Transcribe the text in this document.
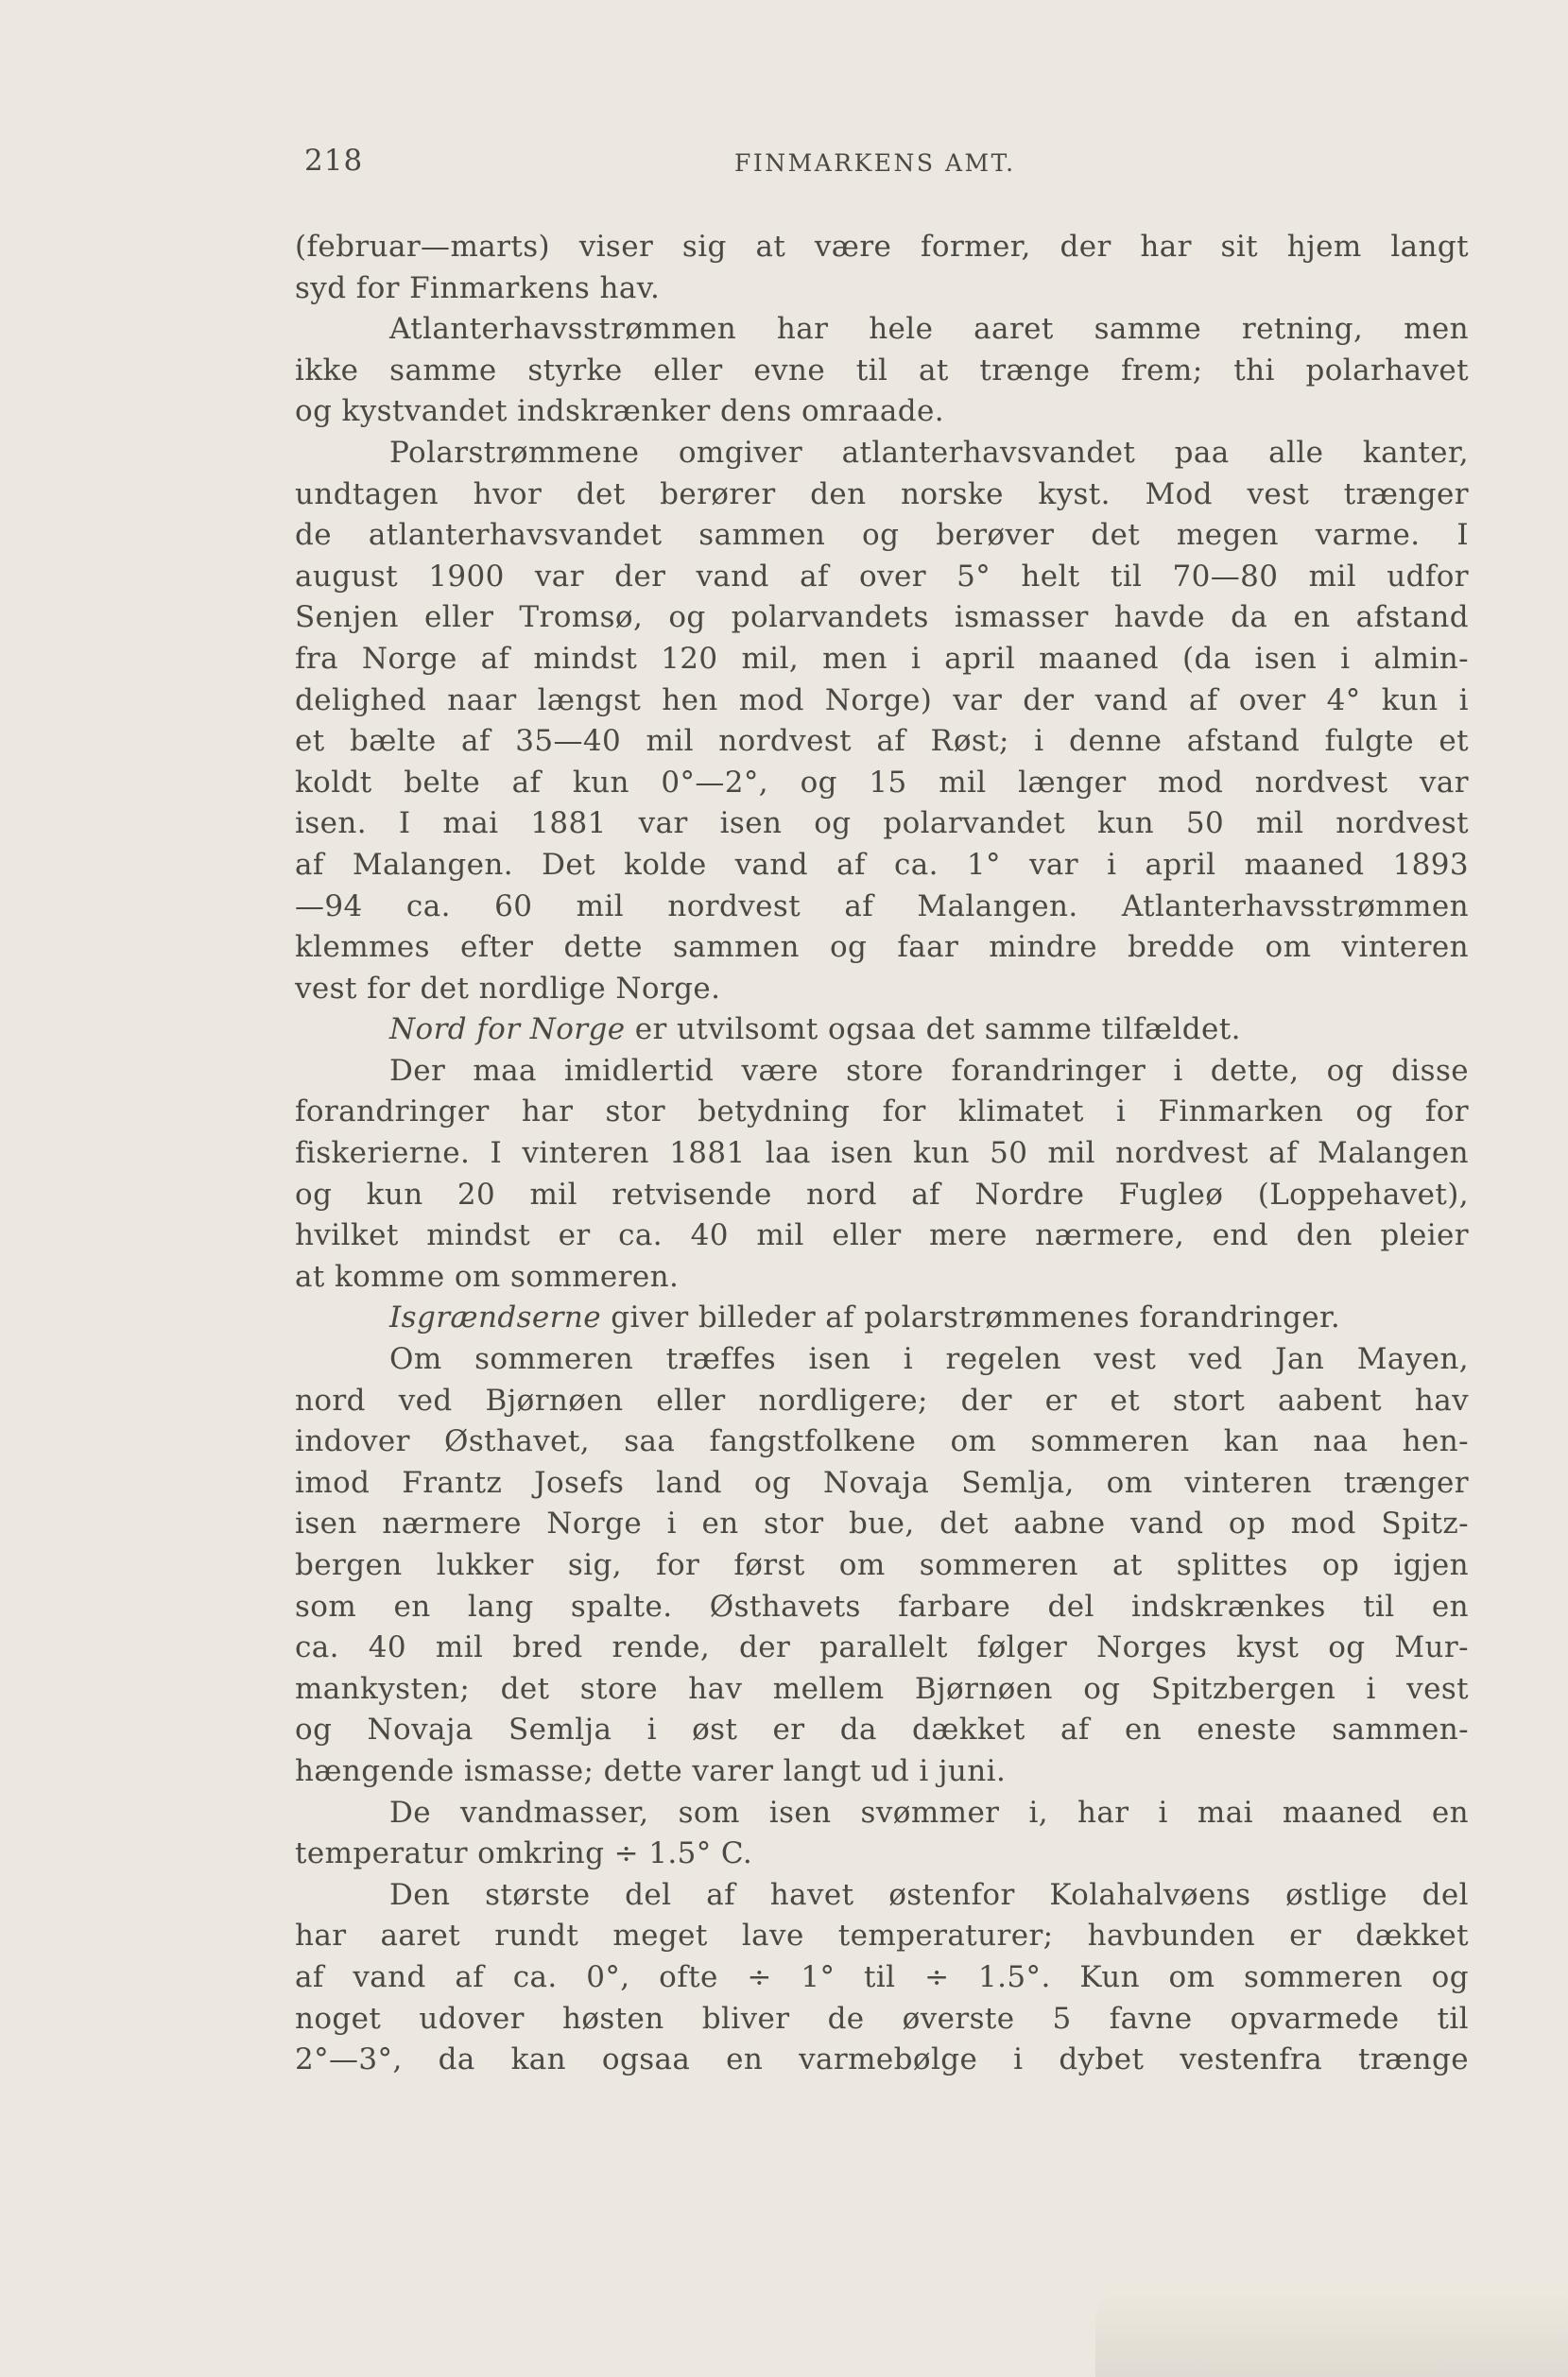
218	FINMARKENS AMT.
(februar—marts) viser sig at være former, der har sit hjem langt
syd for Finmarkens hav.
Atlanterhavsstrømmen har hele aaret samme retning, men
ikke samme styrke eller evne til at trænge frem; thi polarhavet
og kystvandet indskrænker dens omraade.
Polarstrømmene omgiver atlanterhavsvandet paa alle kanter,
undtagen hvor det berører den norske kyst. Mod vest trænger
de atlanterhavsvandet sammen og berøver det megen varme. I
august 1900 var der vand af over 5° helt til 70—80 mil udfor
Senjen eller Tromsø, og polarvandets ismasser havde da en afstand
fra Norge af mindst 120 mil, men i april maaned (da isen i almin-
delighed naar længst hen mod Norge) var der vand af over 4° kun i
et bælte af 35—40 mil nordvest af Røst; i denne afstand fulgte et
koldt belte af kun 0°—2°, og 15 mil længer mod nordvest var
isen. I mai 1881 var isen og polarvandet kun 50 mil nordvest
af Malangen. Det kolde vand af ca. 1° var i april maaned 1893
—94 ca. 60 mil nordvest af Malangen. Atlanterhavsstrømmen
klemmes efter dette sammen og faar mindre bredde om vinteren
vest for det nordlige Norge.
Nord for Norge er utvilsomt ogsaa det samme tilfældet.
Der maa imidlertid være store forandringer i dette, og disse
forandringer har stor betydning for klimatet i Finmarken og for
fiskerierne. I vinteren 1881 laa isen kun 50 mil nordvest af Malangen
og kun 20 mil retvisende nord af Nordre Fugleø (Loppehavet),
hvilket mindst er ca. 40 mil eller mere nærmere, end den pleier
at komme om sommeren.
Isgrændserne giver billeder af polarstrømmenes forandringer.
Om sommeren træffes isen i regelen vest ved Jan Mayen,
nord ved Bjørnøen eller nordligere; der er et stort aabent hav
indover Østhavet, saa fangstfolkene om sommeren kan naa hen-
imod Frantz Josefs land og Novaja Semlja, om vinteren trænger
isen nærmere Norge i en stor bue, det aabne vand op mod Spitz-
bergen lukker sig, for først om sommeren at splittes op igjen
som en lang spalte. Østhavets farbare del indskrænkes til en
ca. 40 mil bred rende, der parallelt følger Norges kyst og Mur-
mankysten; det store hav mellem Bjørnøen og Spitzbergen i vest
og Novaja Semlja i øst er da dækket af en eneste sammen-
hængende ismasse; dette varer langt ud i juni.
De vandmasser, som isen svømmer i, har i mai maaned en
temperatur omkring ÷ 1.5° C.
Den største del af havet østenfor Kolahalvøens østlige del
har aaret rundt meget lave temperaturer; havbunden er dækket
af vand af ca. 0°, ofte ÷ 1° til ÷ 1.5°. Kun om sommeren og
noget udover høsten bliver de øverste 5 favne opvarmede til
2°—3°, da kan ogsaa en varmebølge i dybet vestenfra trænge
